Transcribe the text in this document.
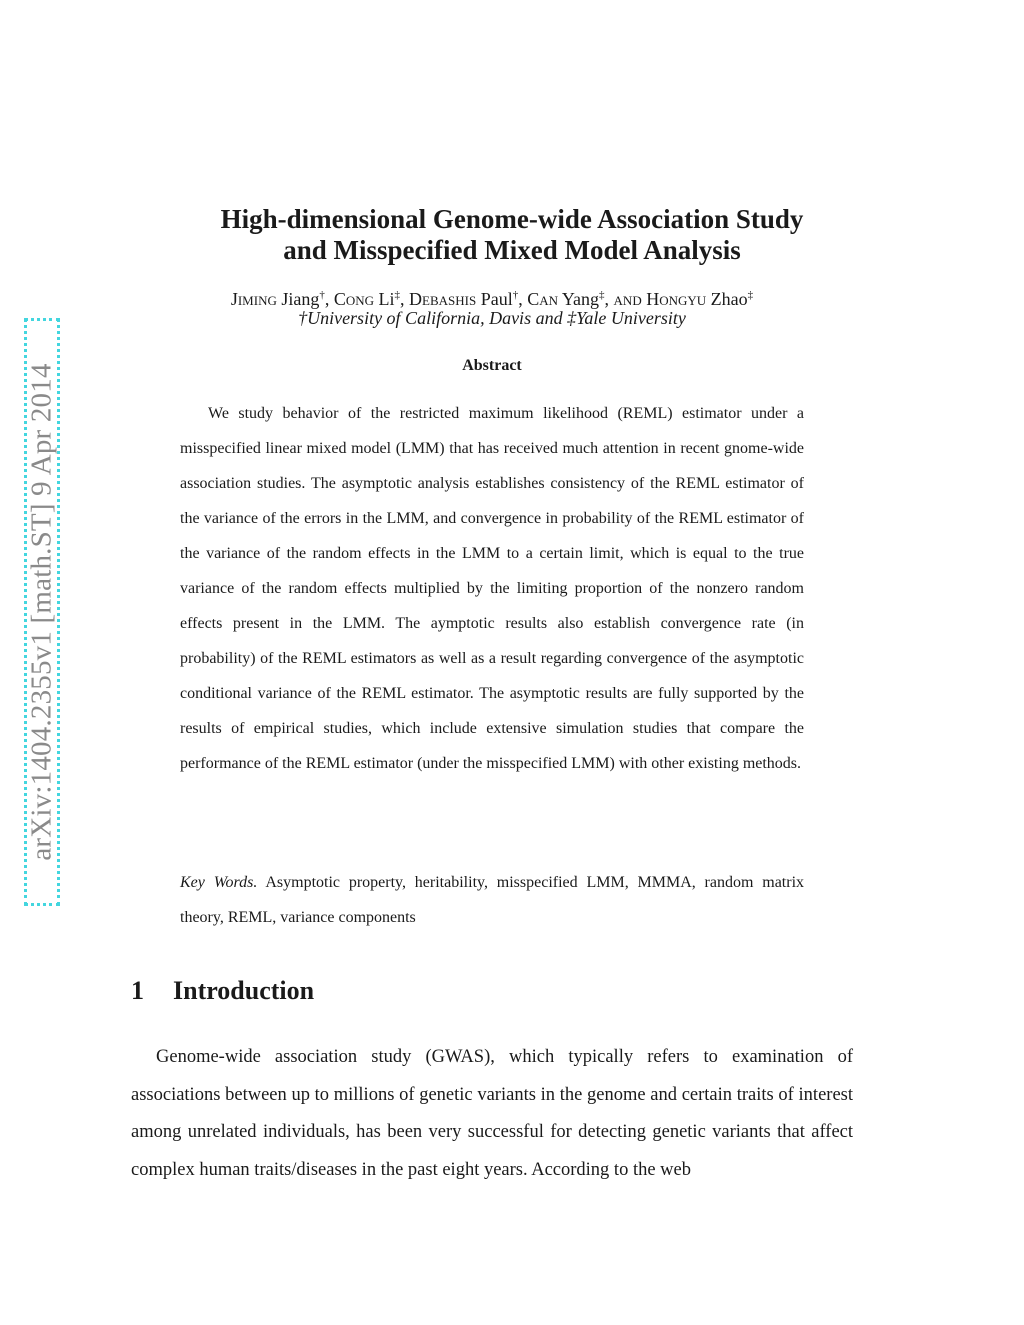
arXiv:1404.2355v1 [math.ST] 9 Apr 2014
High-dimensional Genome-wide Association Study
and Misspecified Mixed Model Analysis
Jiming Jiang†, Cong Li‡, Debashis Paul†, Can Yang‡, and Hongyu Zhao‡
†University of California, Davis and ‡Yale University
Abstract

We study behavior of the restricted maximum likelihood (REML) estimator under a misspecified linear mixed model (LMM) that has received much attention in recent gnome-wide association studies. The asymptotic analysis establishes consistency of the REML estimator of the variance of the errors in the LMM, and convergence in probability of the REML estimator of the variance of the random effects in the LMM to a certain limit, which is equal to the true variance of the random effects multiplied by the limiting proportion of the nonzero random effects present in the LMM. The aymptotic results also establish convergence rate (in probability) of the REML estimators as well as a result regarding convergence of the asymptotic conditional variance of the REML estimator. The asymptotic results are fully supported by the results of empirical studies, which include extensive simulation studies that compare the performance of the REML estimator (under the misspecified LMM) with other existing methods.

Key Words. Asymptotic property, heritability, misspecified LMM, MMMA, random matrix theory, REML, variance components

1 Introduction

Genome-wide association study (GWAS), which typically refers to examination of associations between up to millions of genetic variants in the genome and certain traits of interest among unrelated individuals, has been very successful for detecting genetic variants that affect complex human traits/diseases in the past eight years. According to the web
